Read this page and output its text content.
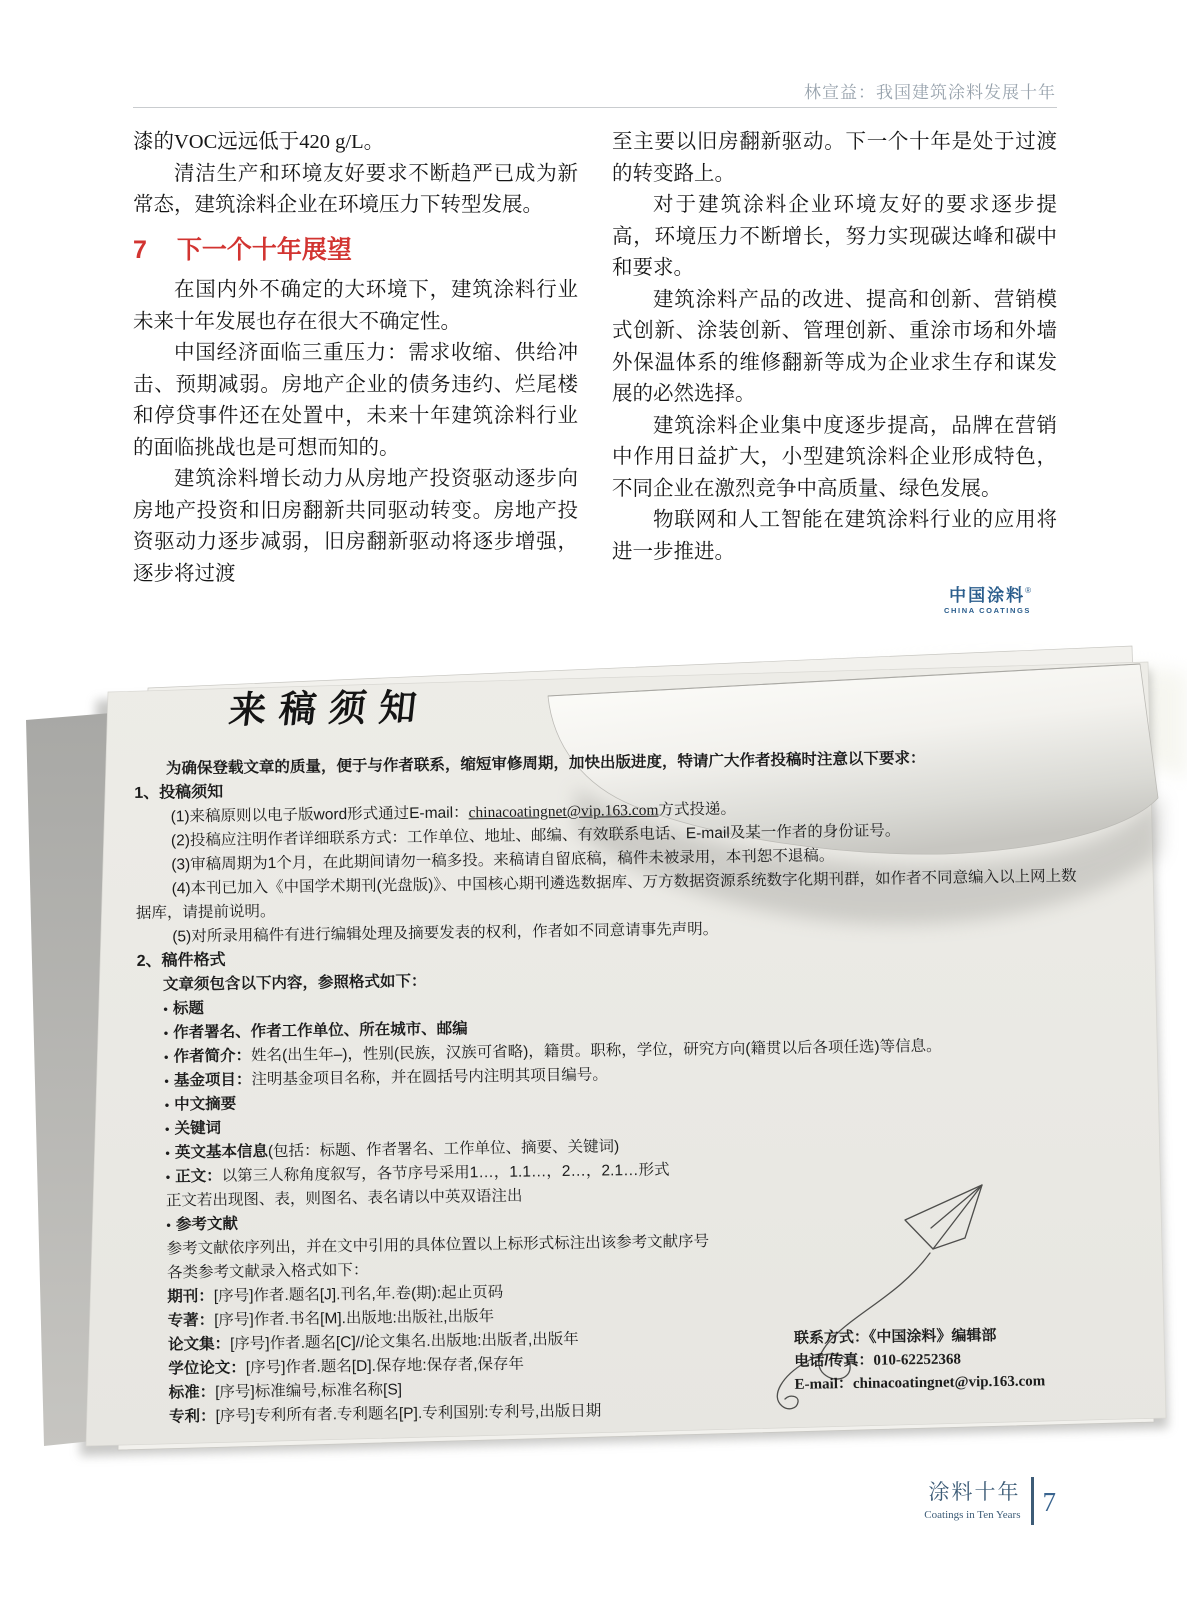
林宣益：我国建筑涂料发展十年

漆的VOC远远低于420 g/L。

清洁生产和环境友好要求不断趋严已成为新常态，建筑涂料企业在环境压力下转型发展。

7 下一个十年展望

在国内外不确定的大环境下，建筑涂料行业未来十年发展也存在很大不确定性。

中国经济面临三重压力：需求收缩、供给冲击、预期减弱。房地产企业的债务违约、烂尾楼和停贷事件还在处置中，未来十年建筑涂料行业的面临挑战也是可想而知的。

建筑涂料增长动力从房地产投资驱动逐步向房地产投资和旧房翻新共同驱动转变。房地产投资驱动力逐步减弱，旧房翻新驱动将逐步增强，逐步将过渡

至主要以旧房翻新驱动。下一个十年是处于过渡的转变路上。

对于建筑涂料企业环境友好的要求逐步提高，环境压力不断增长，努力实现碳达峰和碳中和要求。

建筑涂料产品的改进、提高和创新、营销模式创新、涂装创新、管理创新、重涂市场和外墙外保温体系的维修翻新等成为企业求生存和谋发展的必然选择。

建筑涂料企业集中度逐步提高，品牌在营销中作用日益扩大，小型建筑涂料企业形成特色，不同企业在激烈竞争中高质量、绿色发展。

物联网和人工智能在建筑涂料行业的应用将进一步推进。

中国涂料®
CHINA COATINGS
来稿须知
为确保登载文章的质量，便于与作者联系，缩短审修周期，加快出版进度，特请广大作者投稿时注意以下要求：
1、投稿须知
(1)来稿原则以电子版word形式通过E-mail：chinacoatingnet@vip.163.com方式投递。
(2)投稿应注明作者详细联系方式：工作单位、地址、邮编、有效联系电话、E-mail及某一作者的身份证号。
(3)审稿周期为1个月，在此期间请勿一稿多投。来稿请自留底稿，稿件未被录用，本刊恕不退稿。
(4)本刊已加入《中国学术期刊(光盘版)》、中国核心期刊遴选数据库、万方数据资源系统数字化期刊群，如作者不同意编入以上网上数据库，请提前说明。
(5)对所录用稿件有进行编辑处理及摘要发表的权利，作者如不同意请事先声明。
2、稿件格式
文章须包含以下内容，参照格式如下：
• 标题
• 作者署名、作者工作单位、所在城市、邮编
• 作者简介：姓名(出生年–)，性别(民族，汉族可省略)，籍贯。职称，学位，研究方向(籍贯以后各项任选)等信息。
• 基金项目：注明基金项目名称，并在圆括号内注明其项目编号。
• 中文摘要
• 关键词
• 英文基本信息(包括：标题、作者署名、工作单位、摘要、关键词)
• 正文：以第三人称角度叙写，各节序号采用1…，1.1…，2…，2.1…形式
正文若出现图、表，则图名、表名请以中英双语注出
• 参考文献
参考文献依序列出，并在文中引用的具体位置以上标形式标注出该参考文献序号
各类参考文献录入格式如下：
期刊：[序号]作者.题名[J].刊名,年.卷(期):起止页码
专著：[序号]作者.书名[M].出版地:出版社,出版年
论文集：[序号]作者.题名[C]//论文集名.出版地:出版者,出版年
学位论文：[序号]作者.题名[D].保存地:保存者,保存年
标准：[序号]标准编号,标准名称[S]
专利：[序号]专利所有者.专利题名[P].专利国别:专利号,出版日期
联系方式：《中国涂料》编辑部
电话/传真：010-62252368
E-mail：chinacoatingnet@vip.163.com
涂料十年
Coatings in Ten Years 7
